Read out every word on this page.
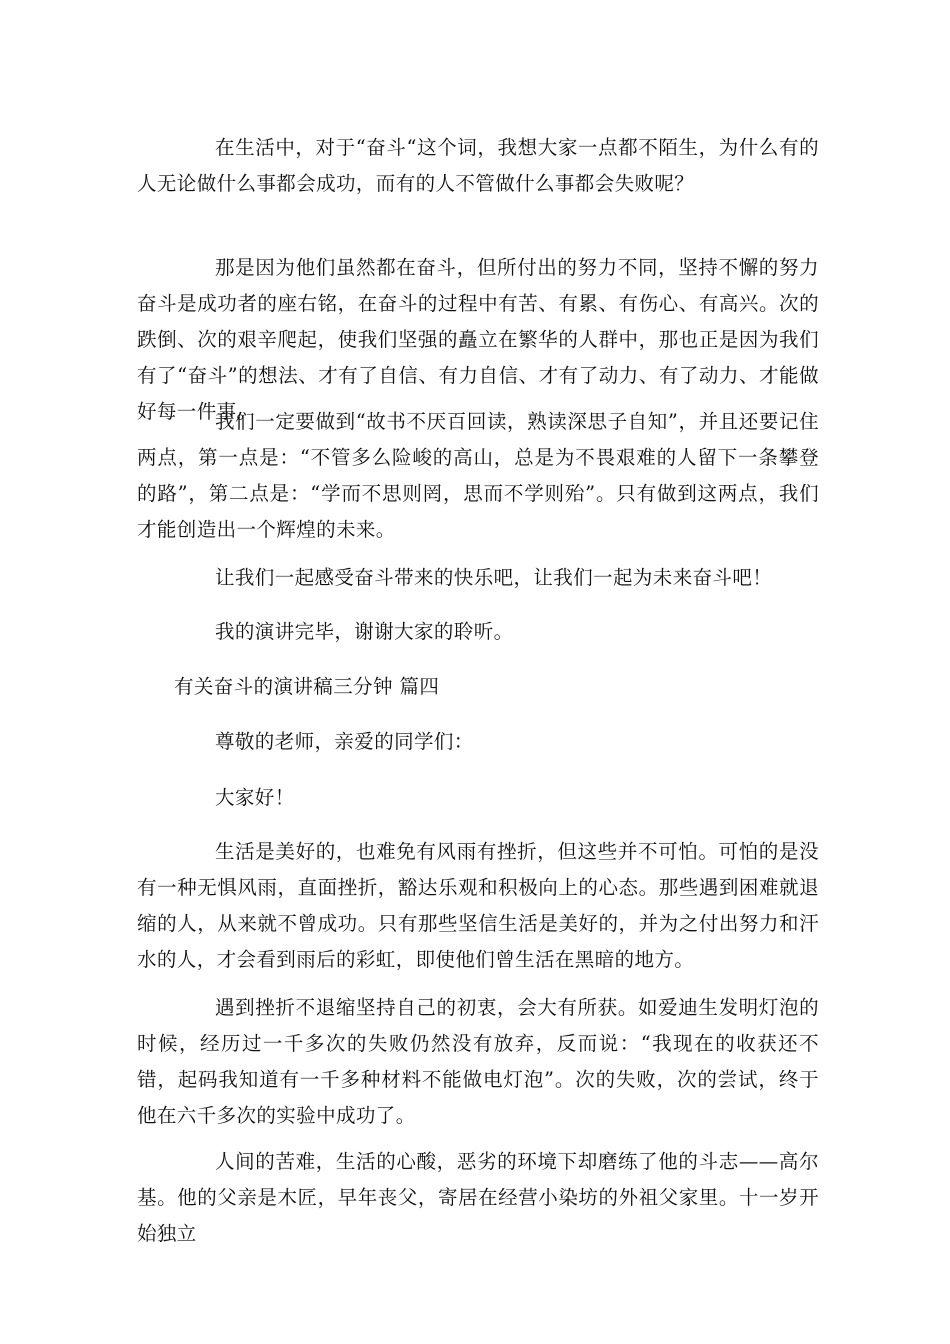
在生活中，对于“奋斗“这个词，我想大家一点都不陌生，为什么有的人无论做什么事都会成功，而有的人不管做什么事都会失败呢？

那是因为他们虽然都在奋斗，但所付出的努力不同，坚持不懈的努力奋斗是成功者的座右铭，在奋斗的过程中有苦、有累、有伤心、有高兴。次的跌倒、次的艰辛爬起，使我们坚强的矗立在繁华的人群中，那也正是因为我们有了“奋斗”的想法、才有了自信、有力自信、才有了动力、有了动力、才能做好每一件事。

我们一定要做到“故书不厌百回读，熟读深思子自知”，并且还要记住两点，第一点是：“不管多么险峻的高山，总是为不畏艰难的人留下一条攀登的路”，第二点是：“学而不思则罔，思而不学则殆”。只有做到这两点，我们才能创造出一个辉煌的未来。

让我们一起感受奋斗带来的快乐吧，让我们一起为未来奋斗吧！

我的演讲完毕，谢谢大家的聆听。

有关奋斗的演讲稿三分钟 篇四

尊敬的老师，亲爱的同学们：

大家好！

生活是美好的，也难免有风雨有挫折，但这些并不可怕。可怕的是没有一种无惧风雨，直面挫折，豁达乐观和积极向上的心态。那些遇到困难就退缩的人，从来就不曾成功。只有那些坚信生活是美好的，并为之付出努力和汗水的人，才会看到雨后的彩虹，即使他们曾生活在黑暗的地方。

遇到挫折不退缩坚持自己的初衷，会大有所获。如爱迪生发明灯泡的时候，经历过一千多次的失败仍然没有放弃，反而说：“我现在的收获还不错，起码我知道有一千多种材料不能做电灯泡”。次的失败，次的尝试，终于他在六千多次的实验中成功了。

人间的苦难，生活的心酸，恶劣的环境下却磨练了他的斗志——高尔基。他的父亲是木匠，早年丧父，寄居在经营小染坊的外祖父家里。十一岁开始独立
